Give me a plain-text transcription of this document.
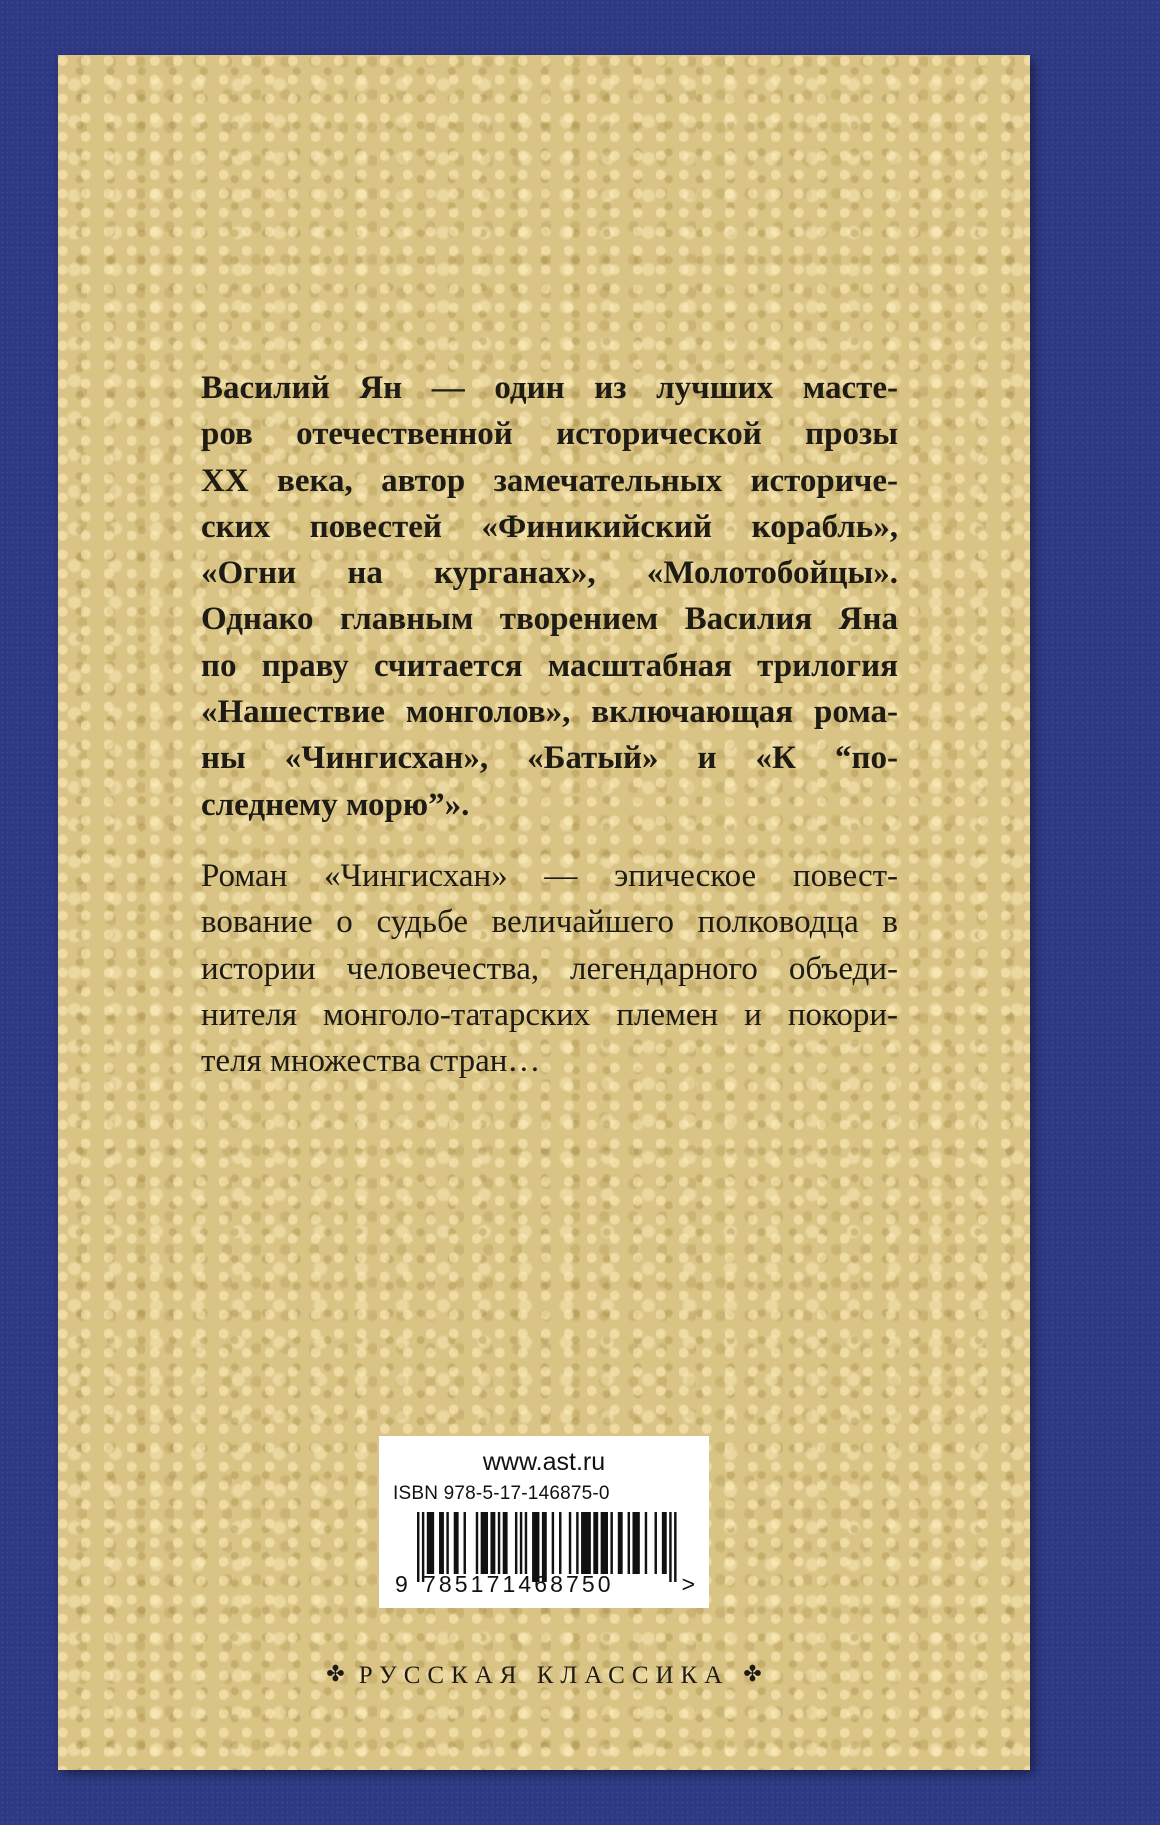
Василий Ян — один из лучших масте-
ров отечественной исторической прозы
XX века, автор замечательных историче-
ских повестей «Финикийский корабль»,
«Огни на курганах», «Молотобойцы».
Однако главным творением Василия Яна
по праву считается масштабная трилогия
«Нашествие монголов», включающая рома-
ны «Чингисхан», «Батый» и «К “по-
следнему морю”».
Роман «Чингисхан» — эпическое повест-
вование о судьбе величайшего полководца в
истории человечества, легендарного объеди-
нителя монголо-татарских племен и покори-
теля множества стран…
www.ast.ru
ISBN 978-5-17-146875-0
9 785171468750	>
✤ РУССКАЯ КЛАССИКА ✤
